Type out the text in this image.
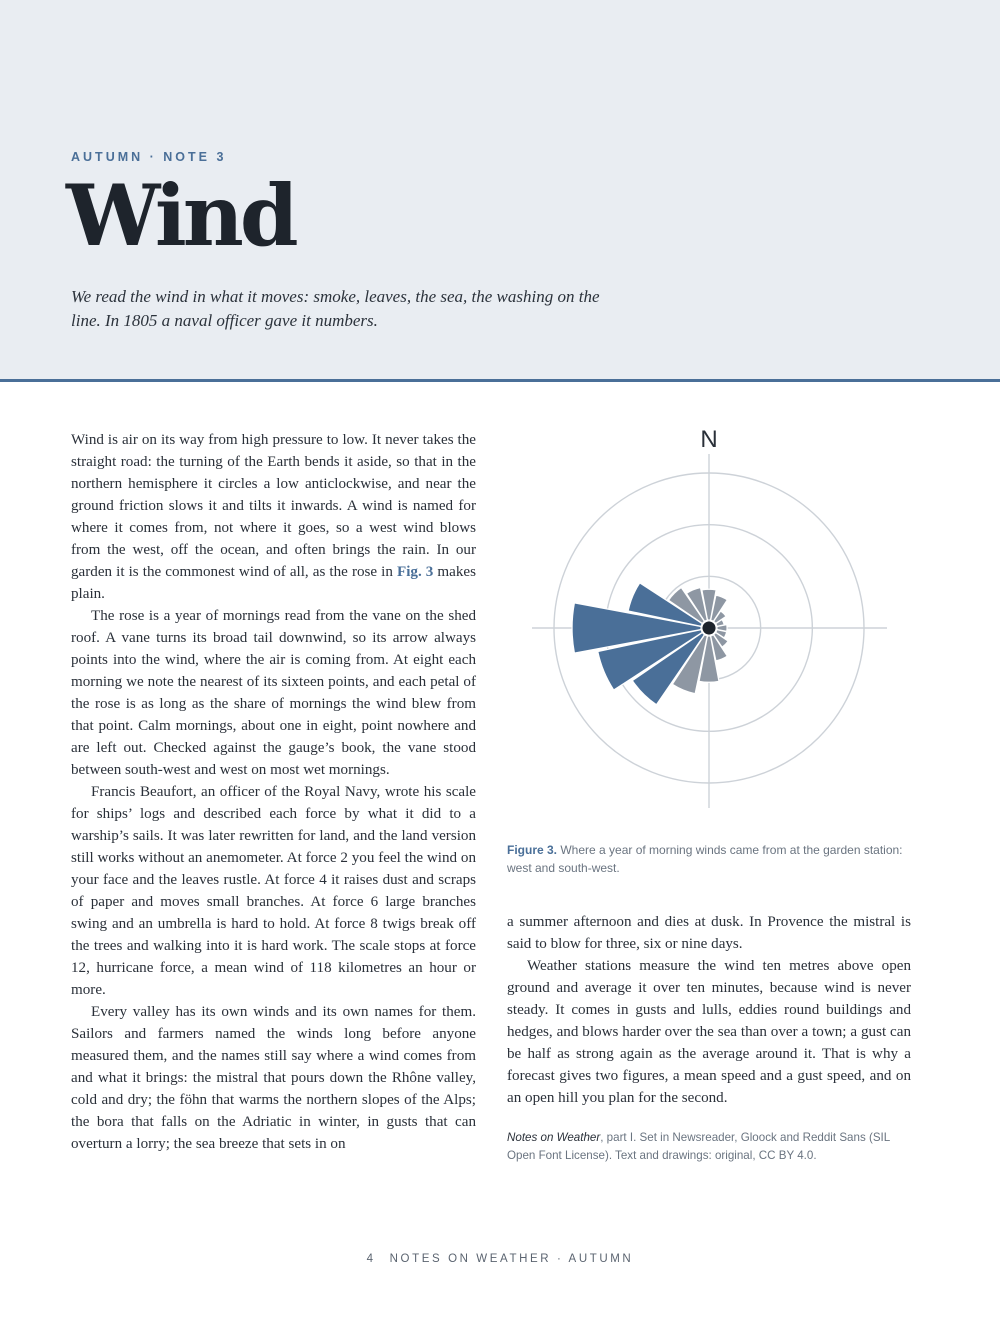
AUTUMN · NOTE 3
Wind

We read the wind in what it moves: smoke, leaves, the sea, the washing on the line. In 1805 a naval officer gave it numbers.

Wind is air on its way from high pressure to low. It never takes the straight road: the turning of the Earth bends it aside, so that in the northern hemisphere it circles a low anticlockwise, and near the ground friction slows it and tilts it inwards. A wind is named for where it comes from, not where it goes, so a west wind blows from the west, off the ocean, and often brings the rain. In our garden it is the commonest wind of all, as the rose in Fig. 3 makes plain.

The rose is a year of mornings read from the vane on the shed roof. A vane turns its broad tail downwind, so its arrow always points into the wind, where the air is coming from. At eight each morning we note the nearest of its sixteen points, and each petal of the rose is as long as the share of mornings the wind blew from that point. Calm mornings, about one in eight, point nowhere and are left out. Checked against the gauge’s book, the vane stood between south-west and west on most wet mornings.

Francis Beaufort, an officer of the Royal Navy, wrote his scale for ships’ logs and described each force by what it did to a warship’s sails. It was later rewritten for land, and the land version still works without an anemometer. At force 2 you feel the wind on your face and the leaves rustle. At force 4 it raises dust and scraps of paper and moves small branches. At force 6 large branches swing and an umbrella is hard to hold. At force 8 twigs break off the trees and walking into it is hard work. The scale stops at force 12, hurricane force, a mean wind of 118 kilometres an hour or more.

Every valley has its own winds and its own names for them. Sailors and farmers named the winds long before anyone measured them, and the names still say where a wind comes from and what it brings: the mistral that pours down the Rhône valley, cold and dry; the föhn that warms the northern slopes of the Alps; the bora that falls on the Adriatic in winter, in gusts that can overturn a lorry; the sea breeze that sets in on

N

Figure 3. Where a year of morning winds came from at the garden station: west and south-west.

a summer afternoon and dies at dusk. In Provence the mistral is said to blow for three, six or nine days.

Weather stations measure the wind ten metres above open ground and average it over ten minutes, because wind is never steady. It comes in gusts and lulls, eddies round buildings and hedges, and blows harder over the sea than over a town; a gust can be half as strong again as the average around it. That is why a forecast gives two figures, a mean speed and a gust speed, and on an open hill you plan for the second.

Notes on Weather, part I. Set in Newsreader, Gloock and Reddit Sans (SIL Open Font License). Text and drawings: original, CC BY 4.0.

4 NOTES ON WEATHER · AUTUMN
